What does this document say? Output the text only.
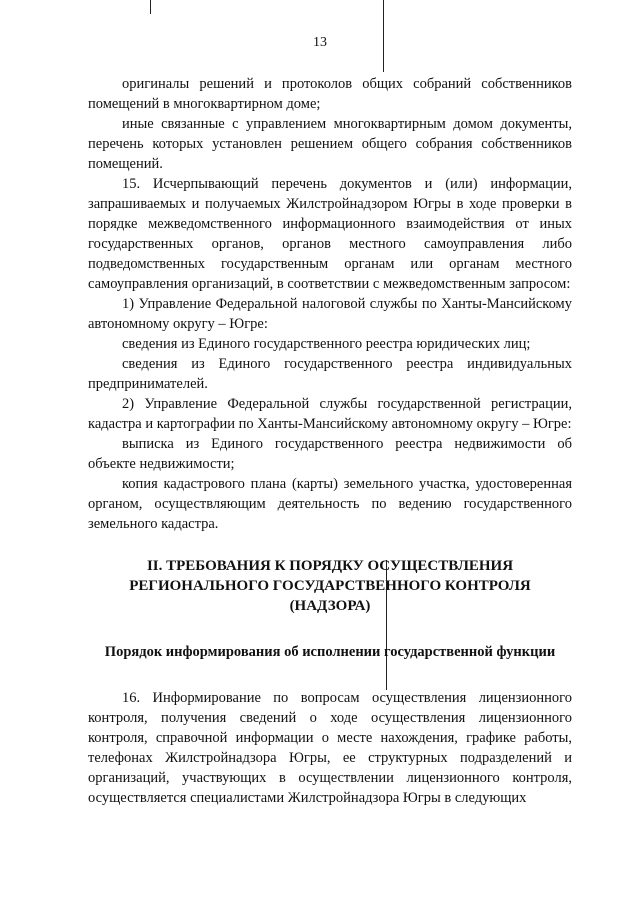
13

оригиналы решений и протоколов общих собраний собственников помещений в многоквартирном доме;

иные связанные с управлением многоквартирным домом документы, перечень которых установлен решением общего собрания собственников помещений.

15. Исчерпывающий перечень документов и (или) информации, запрашиваемых и получаемых Жилстройнадзором Югры в ходе проверки в порядке межведомственного информационного взаимодействия от иных государственных органов, органов местного самоуправления либо подведомственных государственным органам или органам местного самоуправления организаций, в соответствии с межведомственным запросом:

1) Управление Федеральной налоговой службы по Ханты-Мансийскому автономному округу – Югре:

сведения из Единого государственного реестра юридических лиц;

сведения из Единого государственного реестра индивидуальных предпринимателей.

2) Управление Федеральной службы государственной регистрации, кадастра и картографии по Ханты-Мансийскому автономному округу – Югре:

выписка из Единого государственного реестра недвижимости об объекте недвижимости;

копия кадастрового плана (карты) земельного участка, удостоверенная органом, осуществляющим деятельность по ведению государственного земельного кадастра.

II. ТРЕБОВАНИЯ К ПОРЯДКУ ОСУЩЕСТВЛЕНИЯ

РЕГИОНАЛЬНОГО ГОСУДАРСТВЕННОГО КОНТРОЛЯ

(НАДЗОРА)

Порядок информирования об исполнении государственной функции

16. Информирование по вопросам осуществления лицензионного контроля, получения сведений о ходе осуществления лицензионного контроля, справочной информации о месте нахождения, графике работы, телефонах Жилстройнадзора Югры, ее структурных подразделений и организаций, участвующих в осуществлении лицензионного контроля, осуществляется специалистами Жилстройнадзора Югры в следующих
